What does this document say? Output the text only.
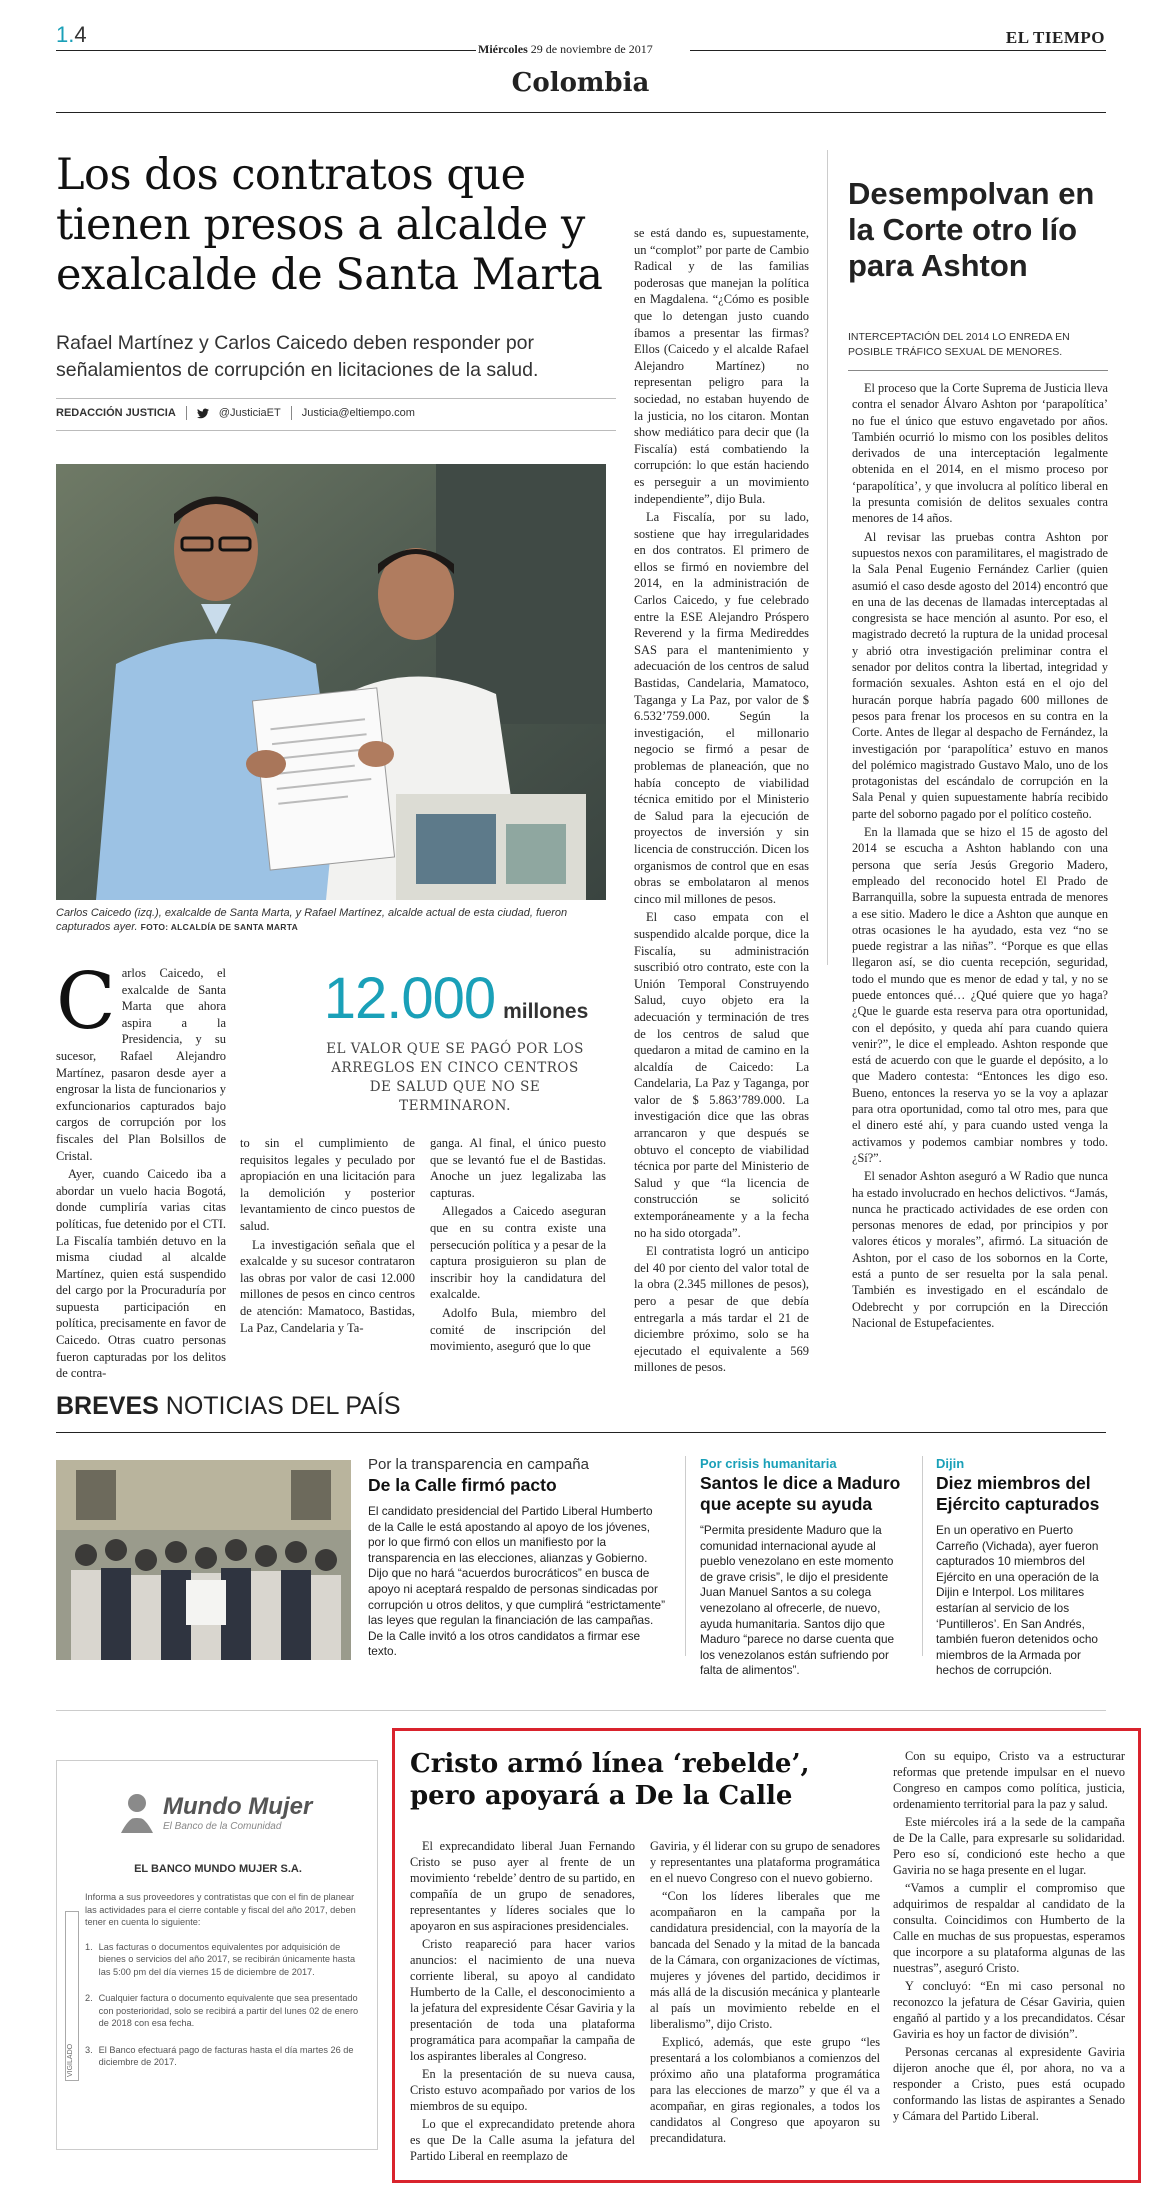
1.4
Miércoles 29 de noviembre de 2017
EL TIEMPO
Colombia
Los dos contratos que tienen presos a alcalde y exalcalde de Santa Marta

Rafael Martínez y Carlos Caicedo deben responder por señalamientos de corrupción en licitaciones de la salud.

REDACCIÓN JUSTICIA	@JusticiaET Justicia@eltiempo.com

Carlos Caicedo (izq.), exalcalde de Santa Marta, y Rafael Martínez, alcalde actual de esta ciudad, fueron capturados ayer. FOTO: ALCALDÍA DE SANTA MARTA

Carlos Caicedo, el exalcalde de Santa Marta que ahora aspira a la Presidencia, y su sucesor, Rafael Alejandro Martínez, pasaron desde ayer a engrosar la lista de funcionarios y exfuncionarios capturados bajo cargos de corrupción por los fiscales del Plan Bolsillos de Cristal.

Ayer, cuando Caicedo iba a abordar un vuelo hacia Bogotá, donde cumpliría varias citas políticas, fue detenido por el CTI. La Fiscalía también detuvo en la misma ciudad al alcalde Martínez, quien está suspendido del cargo por la Procuraduría por supuesta participación en política, precisamente en favor de Caicedo. Otras cuatro personas fueron capturadas por los delitos de contra-

12.000 millones

EL VALOR QUE SE PAGÓ POR LOS ARREGLOS EN CINCO CENTROS DE SALUD QUE NO SE TERMINARON.

to sin el cumplimiento de requisitos legales y peculado por apropiación en una licitación para la demolición y posterior levantamiento de cinco puestos de salud.

La investigación señala que el exalcalde y su sucesor contrataron las obras por valor de casi 12.000 millones de pesos en cinco centros de atención: Mamatoco, Bastidas, La Paz, Candelaria y Ta-

ganga. Al final, el único puesto que se levantó fue el de Bastidas. Anoche un juez legalizaba las capturas.

Allegados a Caicedo aseguran que en su contra existe una persecución política y a pesar de la captura prosiguieron su plan de inscribir hoy la candidatura del exalcalde.

Adolfo Bula, miembro del comité de inscripción del movimiento, aseguró que lo que

se está dando es, supuestamente, un “complot” por parte de Cambio Radical y de las familias poderosas que manejan la política en Magdalena. “¿Cómo es posible que lo detengan justo cuando íbamos a presentar las firmas? Ellos (Caicedo y el alcalde Rafael Alejandro Martínez) no representan peligro para la sociedad, no estaban huyendo de la justicia, no los citaron. Montan show mediático para decir que (la Fiscalía) está combatiendo la corrupción: lo que están haciendo es perseguir a un movimiento independiente”, dijo Bula.

La Fiscalía, por su lado, sostiene que hay irregularidades en dos contratos. El primero de ellos se firmó en noviembre del 2014, en la administración de Carlos Caicedo, y fue celebrado entre la ESE Alejandro Próspero Reverend y la firma Medireddes SAS para el mantenimiento y adecuación de los centros de salud Bastidas, Candelaria, Mamatoco, Taganga y La Paz, por valor de $ 6.532’759.000. Según la investigación, el millonario negocio se firmó a pesar de problemas de planeación, que no había concepto de viabilidad técnica emitido por el Ministerio de Salud para la ejecución de proyectos de inversión y sin licencia de construcción. Dicen los organismos de control que en esas obras se embolataron al menos cinco mil millones de pesos.

El caso empata con el suspendido alcalde porque, dice la Fiscalía, su administración suscribió otro contrato, este con la Unión Temporal Construyendo Salud, cuyo objeto era la adecuación y terminación de tres de los centros de salud que quedaron a mitad de camino en la alcaldía de Caicedo: La Candelaria, La Paz y Taganga, por valor de $ 5.863’789.000. La investigación dice que las obras arrancaron y que después se obtuvo el concepto de viabilidad técnica por parte del Ministerio de Salud y que “la licencia de construcción se solicitó extemporáneamente y a la fecha no ha sido otorgada”.

El contratista logró un anticipo del 40 por ciento del valor total de la obra (2.345 millones de pesos), pero a pesar de que debía entregarla a más tardar el 21 de diciembre próximo, solo se ha ejecutado el equivalente a 569 millones de pesos.

Desempolvan en la Corte otro lío para Ashton

INTERCEPTACIÓN DEL 2014 LO ENREDA EN POSIBLE TRÁFICO SEXUAL DE MENORES.

El proceso que la Corte Suprema de Justicia lleva contra el senador Álvaro Ashton por ‘parapolítica’ no fue el único que estuvo engavetado por años. También ocurrió lo mismo con los posibles delitos derivados de una interceptación legalmente obtenida en el 2014, en el mismo proceso por ‘parapolítica’, y que involucra al político liberal en la presunta comisión de delitos sexuales contra menores de 14 años.

Al revisar las pruebas contra Ashton por supuestos nexos con paramilitares, el magistrado de la Sala Penal Eugenio Fernández Carlier (quien asumió el caso desde agosto del 2014) encontró que en una de las decenas de llamadas interceptadas al congresista se hace mención al asunto. Por eso, el magistrado decretó la ruptura de la unidad procesal y abrió otra investigación preliminar contra el senador por delitos contra la libertad, integridad y formación sexuales. Ashton está en el ojo del huracán porque habría pagado 600 millones de pesos para frenar los procesos en su contra en la Corte. Antes de llegar al despacho de Fernández, la investigación por ‘parapolítica’ estuvo en manos del polémico magistrado Gustavo Malo, uno de los protagonistas del escándalo de corrupción en la Sala Penal y quien supuestamente habría recibido parte del soborno pagado por el político costeño.

En la llamada que se hizo el 15 de agosto del 2014 se escucha a Ashton hablando con una persona que sería Jesús Gregorio Madero, empleado del reconocido hotel El Prado de Barranquilla, sobre la supuesta entrada de menores a ese sitio. Madero le dice a Ashton que aunque en otras ocasiones le ha ayudado, esta vez “no se puede registrar a las niñas”. “Porque es que ellas llegaron así, se dio cuenta recepción, seguridad, todo el mundo que es menor de edad y tal, y no se puede entonces qué… ¿Qué quiere que yo haga? ¿Que le guarde esta reserva para otra oportunidad, con el depósito, y queda ahí para cuando quiera venir?”, le dice el empleado. Ashton responde que está de acuerdo con que le guarde el depósito, a lo que Madero contesta: “Entonces les digo eso. Bueno, entonces la reserva yo se la voy a aplazar para otra oportunidad, como tal otro mes, para que el dinero esté ahí, y para cuando usted venga la activamos y podemos cambiar nombres y todo. ¿Sí?”.

El senador Ashton aseguró a W Radio que nunca ha estado involucrado en hechos delictivos. “Jamás, nunca he practicado actividades de ese orden con personas menores de edad, por principios y por valores éticos y morales”, afirmó. La situación de Ashton, por el caso de los sobornos en la Corte, está a punto de ser resuelta por la sala penal. También es investigado en el escándalo de Odebrecht y por corrupción en la Dirección Nacional de Estupefacientes.

BREVES NOTICIAS DEL PAÍS
Por la transparencia en campaña
De la Calle firmó pacto

El candidato presidencial del Partido Liberal Humberto de la Calle le está apostando al apoyo de los jóvenes, por lo que firmó con ellos un manifiesto por la transparencia en las elecciones, alianzas y Gobierno. Dijo que no hará “acuerdos burocráticos” en busca de apoyo ni aceptará respaldo de personas sindicadas por corrupción u otros delitos, y que cumplirá “estrictamente” las leyes que regulan la financiación de las campañas. De la Calle invitó a los otros candidatos a firmar ese texto.

Por crisis humanitaria
Santos le dice a Maduro que acepte su ayuda

“Permita presidente Maduro que la comunidad internacional ayude al pueblo venezolano en este momento de grave crisis”, le dijo el presidente Juan Manuel Santos a su colega venezolano al ofrecerle, de nuevo, ayuda humanitaria. Santos dijo que Maduro “parece no darse cuenta que los venezolanos están sufriendo por falta de alimentos”.

Dijin
Diez miembros del Ejército capturados

En un operativo en Puerto Carreño (Vichada), ayer fueron capturados 10 miembros del Ejército en una operación de la Dijin e Interpol. Los militares estarían al servicio de los ‘Puntilleros’. En San Andrés, también fueron detenidos ocho miembros de la Armada por hechos de corrupción.

Mundo Mujer
El Banco de la Comunidad
EL BANCO MUNDO MUJER S.A.
VIGILADO

Informa a sus proveedores y contratistas que con el fin de planear las actividades para el cierre contable y fiscal del año 2017, deben tener en cuenta lo siguiente:

1. Las facturas o documentos equivalentes por adquisición de bienes o servicios del año 2017, se recibirán únicamente hasta las 5:00 pm del día viernes 15 de diciembre de 2017.

2. Cualquier factura o documento equivalente que sea presentado con posterioridad, solo se recibirá a partir del lunes 02 de enero de 2018 con esa fecha.

3. El Banco efectuará pago de facturas hasta el día martes 26 de diciembre de 2017.

Cristo armó línea ‘rebelde’, pero apoyará a De la Calle

El exprecandidato liberal Juan Fernando Cristo se puso ayer al frente de un movimiento ‘rebelde’ dentro de su partido, en compañía de un grupo de senadores, representantes y líderes sociales que lo apoyaron en sus aspiraciones presidenciales.

Cristo reapareció para hacer varios anuncios: el nacimiento de una nueva corriente liberal, su apoyo al candidato Humberto de la Calle, el desconocimiento a la jefatura del expresidente César Gaviria y la presentación de toda una plataforma programática para acompañar la campaña de los aspirantes liberales al Congreso.

En la presentación de su nueva causa, Cristo estuvo acompañado por varios de los miembros de su equipo.

Lo que el exprecandidato pretende ahora es que De la Calle asuma la jefatura del Partido Liberal en reemplazo de

Gaviria, y él liderar con su grupo de senadores y representantes una plataforma programática en el nuevo Congreso con el nuevo gobierno.

“Con los líderes liberales que me acompañaron en la campaña por la candidatura presidencial, con la mayoría de la bancada del Senado y la mitad de la bancada de la Cámara, con organizaciones de víctimas, mujeres y jóvenes del partido, decidimos ir más allá de la discusión mecánica y plantearle al país un movimiento rebelde en el liberalismo”, dijo Cristo.

Explicó, además, que este grupo “les presentará a los colombianos a comienzos del próximo año una plataforma programática para las elecciones de marzo” y que él va a acompañar, en giras regionales, a todos los candidatos al Congreso que apoyaron su precandidatura.

Con su equipo, Cristo va a estructurar reformas que pretende impulsar en el nuevo Congreso en campos como política, justicia, ordenamiento territorial para la paz y salud.

Este miércoles irá a la sede de la campaña de De la Calle, para expresarle su solidaridad. Pero eso sí, condicionó este hecho a que Gaviria no se haga presente en el lugar.

“Vamos a cumplir el compromiso que adquirimos de respaldar al candidato de la consulta. Coincidimos con Humberto de la Calle en muchas de sus propuestas, esperamos que incorpore a su plataforma algunas de las nuestras”, aseguró Cristo.

Y concluyó: “En mi caso personal no reconozco la jefatura de César Gaviria, quien engañó al partido y a los precandidatos. César Gaviria es hoy un factor de división”.

Personas cercanas al expresidente Gaviria dijeron anoche que él, por ahora, no va a responder a Cristo, pues está ocupado conformando las listas de aspirantes a Senado y Cámara del Partido Liberal.
